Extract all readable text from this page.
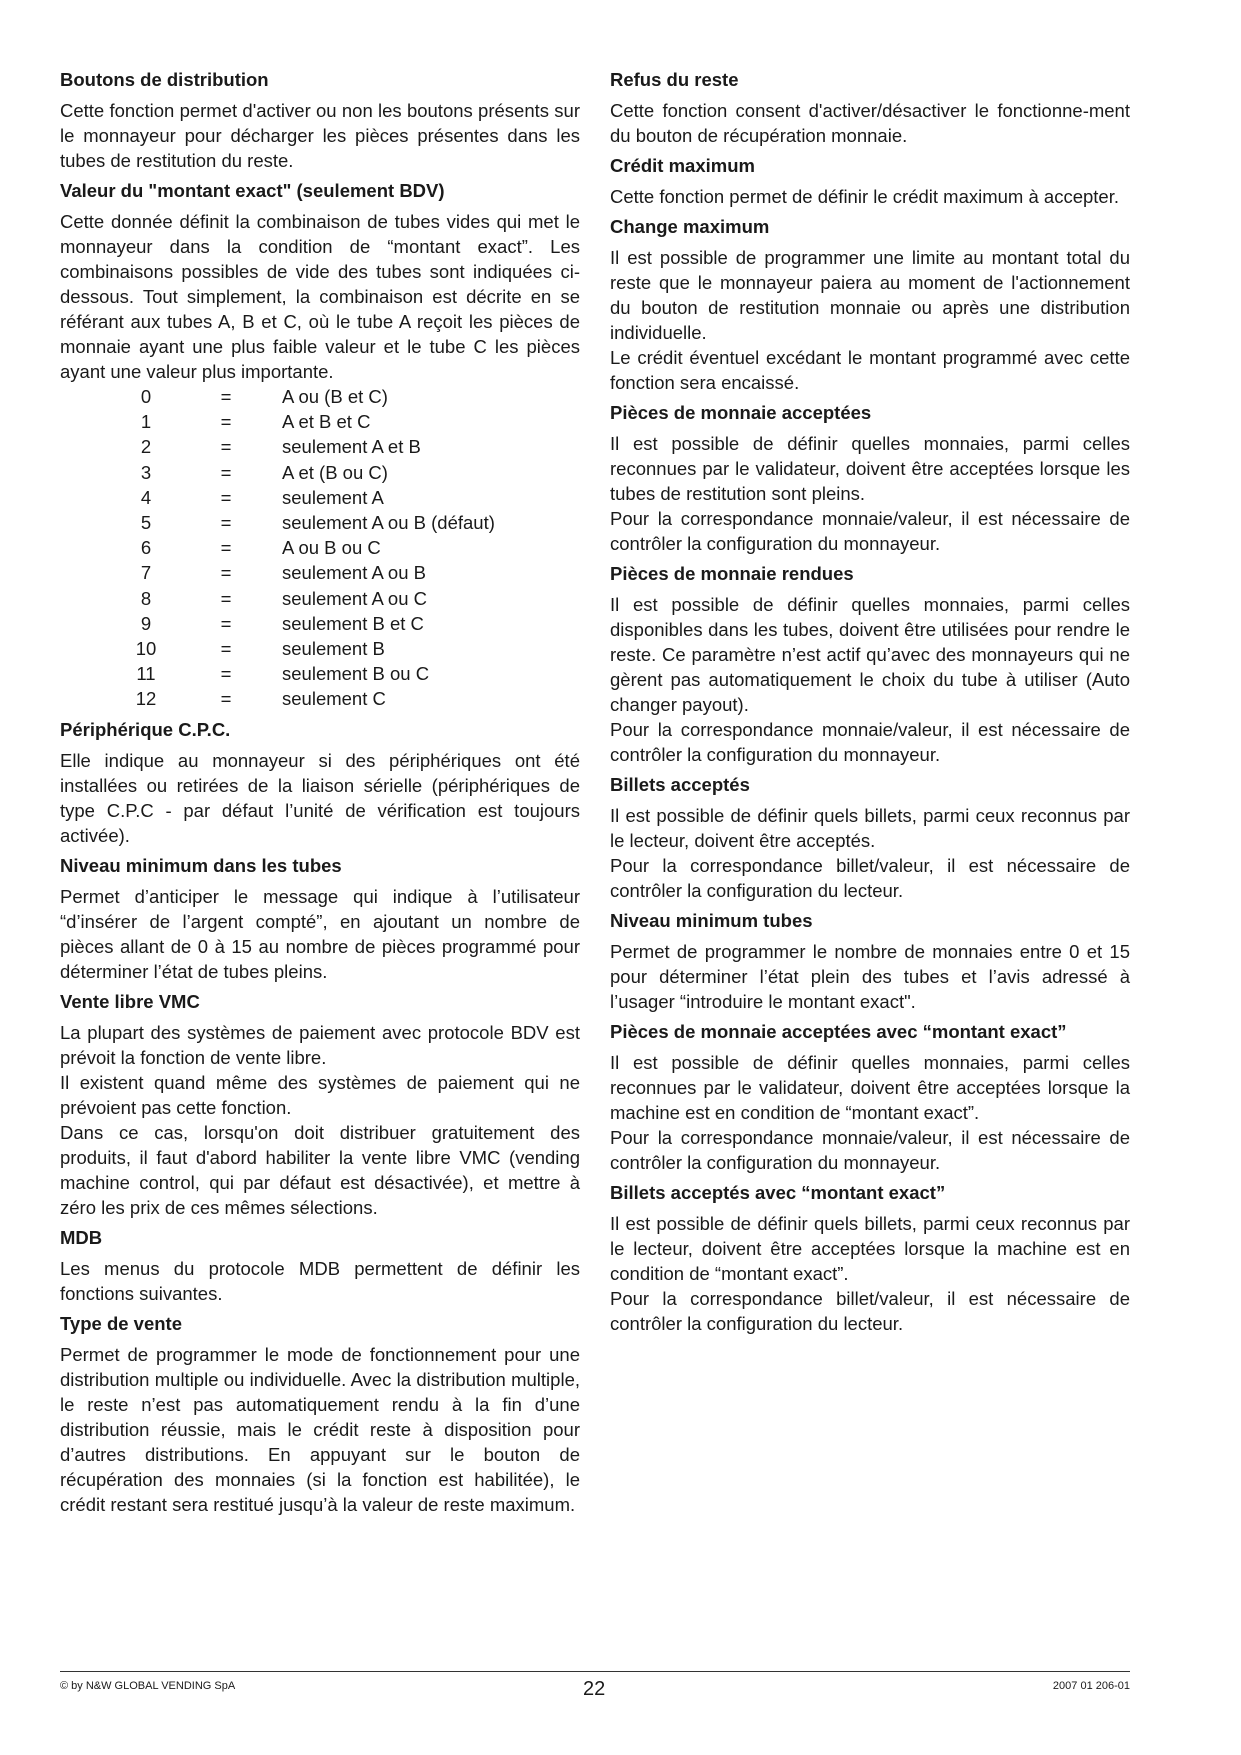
Boutons de distribution

Cette fonction permet d'activer ou non les boutons présents sur le monnayeur pour décharger les pièces présentes dans les tubes de restitution du reste.

Valeur du "montant exact" (seulement BDV)

Cette donnée définit la combinaison de tubes vides qui met le monnayeur dans la condition de “montant exact”. Les combinaisons possibles de vide des tubes sont indiquées ci-dessous. Tout simplement, la combinaison est décrite en se référant aux tubes A, B et C, où le tube A reçoit les pièces de monnaie ayant une plus faible valeur et le tube C les pièces ayant une valeur plus importante.

0	=	A ou (B et C)
1	=	A et B et C
2	=	seulement A et B
3	=	A et (B ou C)
4	=	seulement A
5	=	seulement A ou B (défaut)
6	=	A ou B ou C
7	=	seulement A ou B
8	=	seulement A ou C
9	=	seulement B et C
10	=	seulement B
11	=	seulement B ou C
12	=	seulement C
Périphérique C.P.C.

Elle indique au monnayeur si des périphériques ont été installées ou retirées de la liaison sérielle (périphériques de type C.P.C - par défaut l’unité de vérification est toujours activée).

Niveau minimum dans les tubes

Permet d’anticiper le message qui indique à l’utilisateur “d’insérer de l’argent compté”, en ajoutant un nombre de pièces allant de 0 à 15 au nombre de pièces programmé pour déterminer l’état de tubes pleins.

Vente libre VMC

La plupart des systèmes de paiement avec protocole BDV est prévoit la fonction de vente libre.

Il existent quand même des systèmes de paiement qui ne prévoient pas cette fonction.

Dans ce cas, lorsqu'on doit distribuer gratuitement des produits, il faut d'abord habiliter la vente libre VMC (vending machine control, qui par défaut est désactivée), et mettre à zéro les prix de ces mêmes sélections.

MDB

Les menus du protocole MDB permettent de définir les fonctions suivantes.

Type de vente

Permet de programmer le mode de fonctionnement pour une distribution multiple ou individuelle. Avec la distribution multiple, le reste n’est pas automatiquement rendu à la fin d’une distribution réussie, mais le crédit reste à disposition pour d’autres distributions. En appuyant sur le bouton de récupération des monnaies (si la fonction est habilitée), le crédit restant sera restitué jusqu’à la valeur de reste maximum.

Refus du reste

Cette fonction consent d'activer/désactiver le fonctionne-ment du bouton de récupération monnaie.

Crédit maximum

Cette fonction permet de définir le crédit maximum à accepter.

Change maximum

Il est possible de programmer une limite au montant total du reste que le monnayeur paiera au moment de l'actionnement du bouton de restitution monnaie ou après une distribution individuelle.

Le crédit éventuel excédant le montant programmé avec cette fonction sera encaissé.

Pièces de monnaie acceptées

Il est possible de définir quelles monnaies, parmi celles reconnues par le validateur, doivent être acceptées lorsque les tubes de restitution sont pleins.

Pour la correspondance monnaie/valeur, il est nécessaire de contrôler la configuration du monnayeur.

Pièces de monnaie rendues

Il est possible de définir quelles monnaies, parmi celles disponibles dans les tubes, doivent être utilisées pour rendre le reste. Ce paramètre n’est actif qu’avec des monnayeurs qui ne gèrent pas automatiquement le choix du tube à utiliser (Auto changer payout).

Pour la correspondance monnaie/valeur, il est nécessaire de contrôler la configuration du monnayeur.

Billets acceptés

Il est possible de définir quels billets, parmi ceux reconnus par le lecteur, doivent être acceptés.

Pour la correspondance billet/valeur, il est nécessaire de contrôler la configuration du lecteur.

Niveau minimum tubes

Permet de programmer le nombre de monnaies entre 0 et 15 pour déterminer l’état plein des tubes et l’avis adressé à l’usager “introduire le montant exact".

Pièces de monnaie acceptées avec “montant exact”

Il est possible de définir quelles monnaies, parmi celles reconnues par le validateur, doivent être acceptées lorsque la machine est en condition de “montant exact”.

Pour la correspondance monnaie/valeur, il est nécessaire de contrôler la configuration du monnayeur.

Billets acceptés avec “montant exact”

Il est possible de définir quels billets, parmi ceux reconnus par le lecteur, doivent être acceptées lorsque la machine est en condition de “montant exact”.

Pour la correspondance billet/valeur, il est nécessaire de contrôler la configuration du lecteur.

© by N&W GLOBAL VENDING SpA	22	2007 01 206-01
